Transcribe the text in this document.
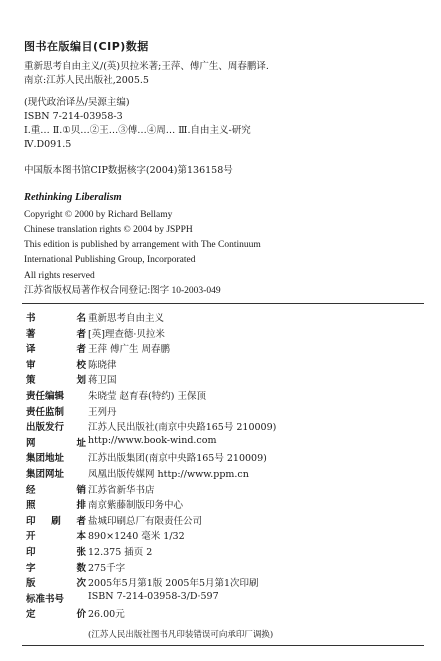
图书在版编目(CIP)数据
重新思考自由主义/(英)贝拉米著;王萍、傅广生、周春鹏译.
南京:江苏人民出版社,2005.5
(现代政治译丛/吴源主编)
ISBN 7-214-03958-3
Ⅰ.重… Ⅱ.①贝…②王…③傅…④周… Ⅲ.自由主义-研究
Ⅳ.D091.5
中国版本图书馆CIP数据核字(2004)第136158号
Rethinking Liberalism
Copyright © 2000 by Richard Bellamy
Chinese translation rights © 2004 by JSPPH
This edition is published by arrangement with The Continuum
International Publishing Group, Incorporated
All rights reserved
江苏省版权局著作权合同登记:图字 10-2003-049
书	名 重新思考自由主义
著	者 [英]理查德·贝拉米
译	者 王萍 傅广生 周春鹏
审	校 陈晓律
策	划 蒋卫国
责任编辑	朱晓莹 赵育春(特约) 王保顶
责任监制	王列丹
出版发行	江苏人民出版社(南京中央路165号 210009)
网	址 http://www.book-wind.com
集团地址	江苏出版集团(南京中央路165号 210009)
集团网址	凤凰出版传媒网 http://www.ppm.cn
经	销 江苏省新华书店
照	排 南京紫藤制版印务中心
印 刷 者 盐城印刷总厂有限责任公司
开	本 890×1240 毫米 1/32
印	张 12.375 插页 2
字	数 275千字
版	次 2005年5月第1版 2005年5月第1次印刷
标准书号	ISBN 7-214-03958-3/D·597
定	价 26.00元
(江苏人民出版社图书凡印装错误可向承印厂调换)
